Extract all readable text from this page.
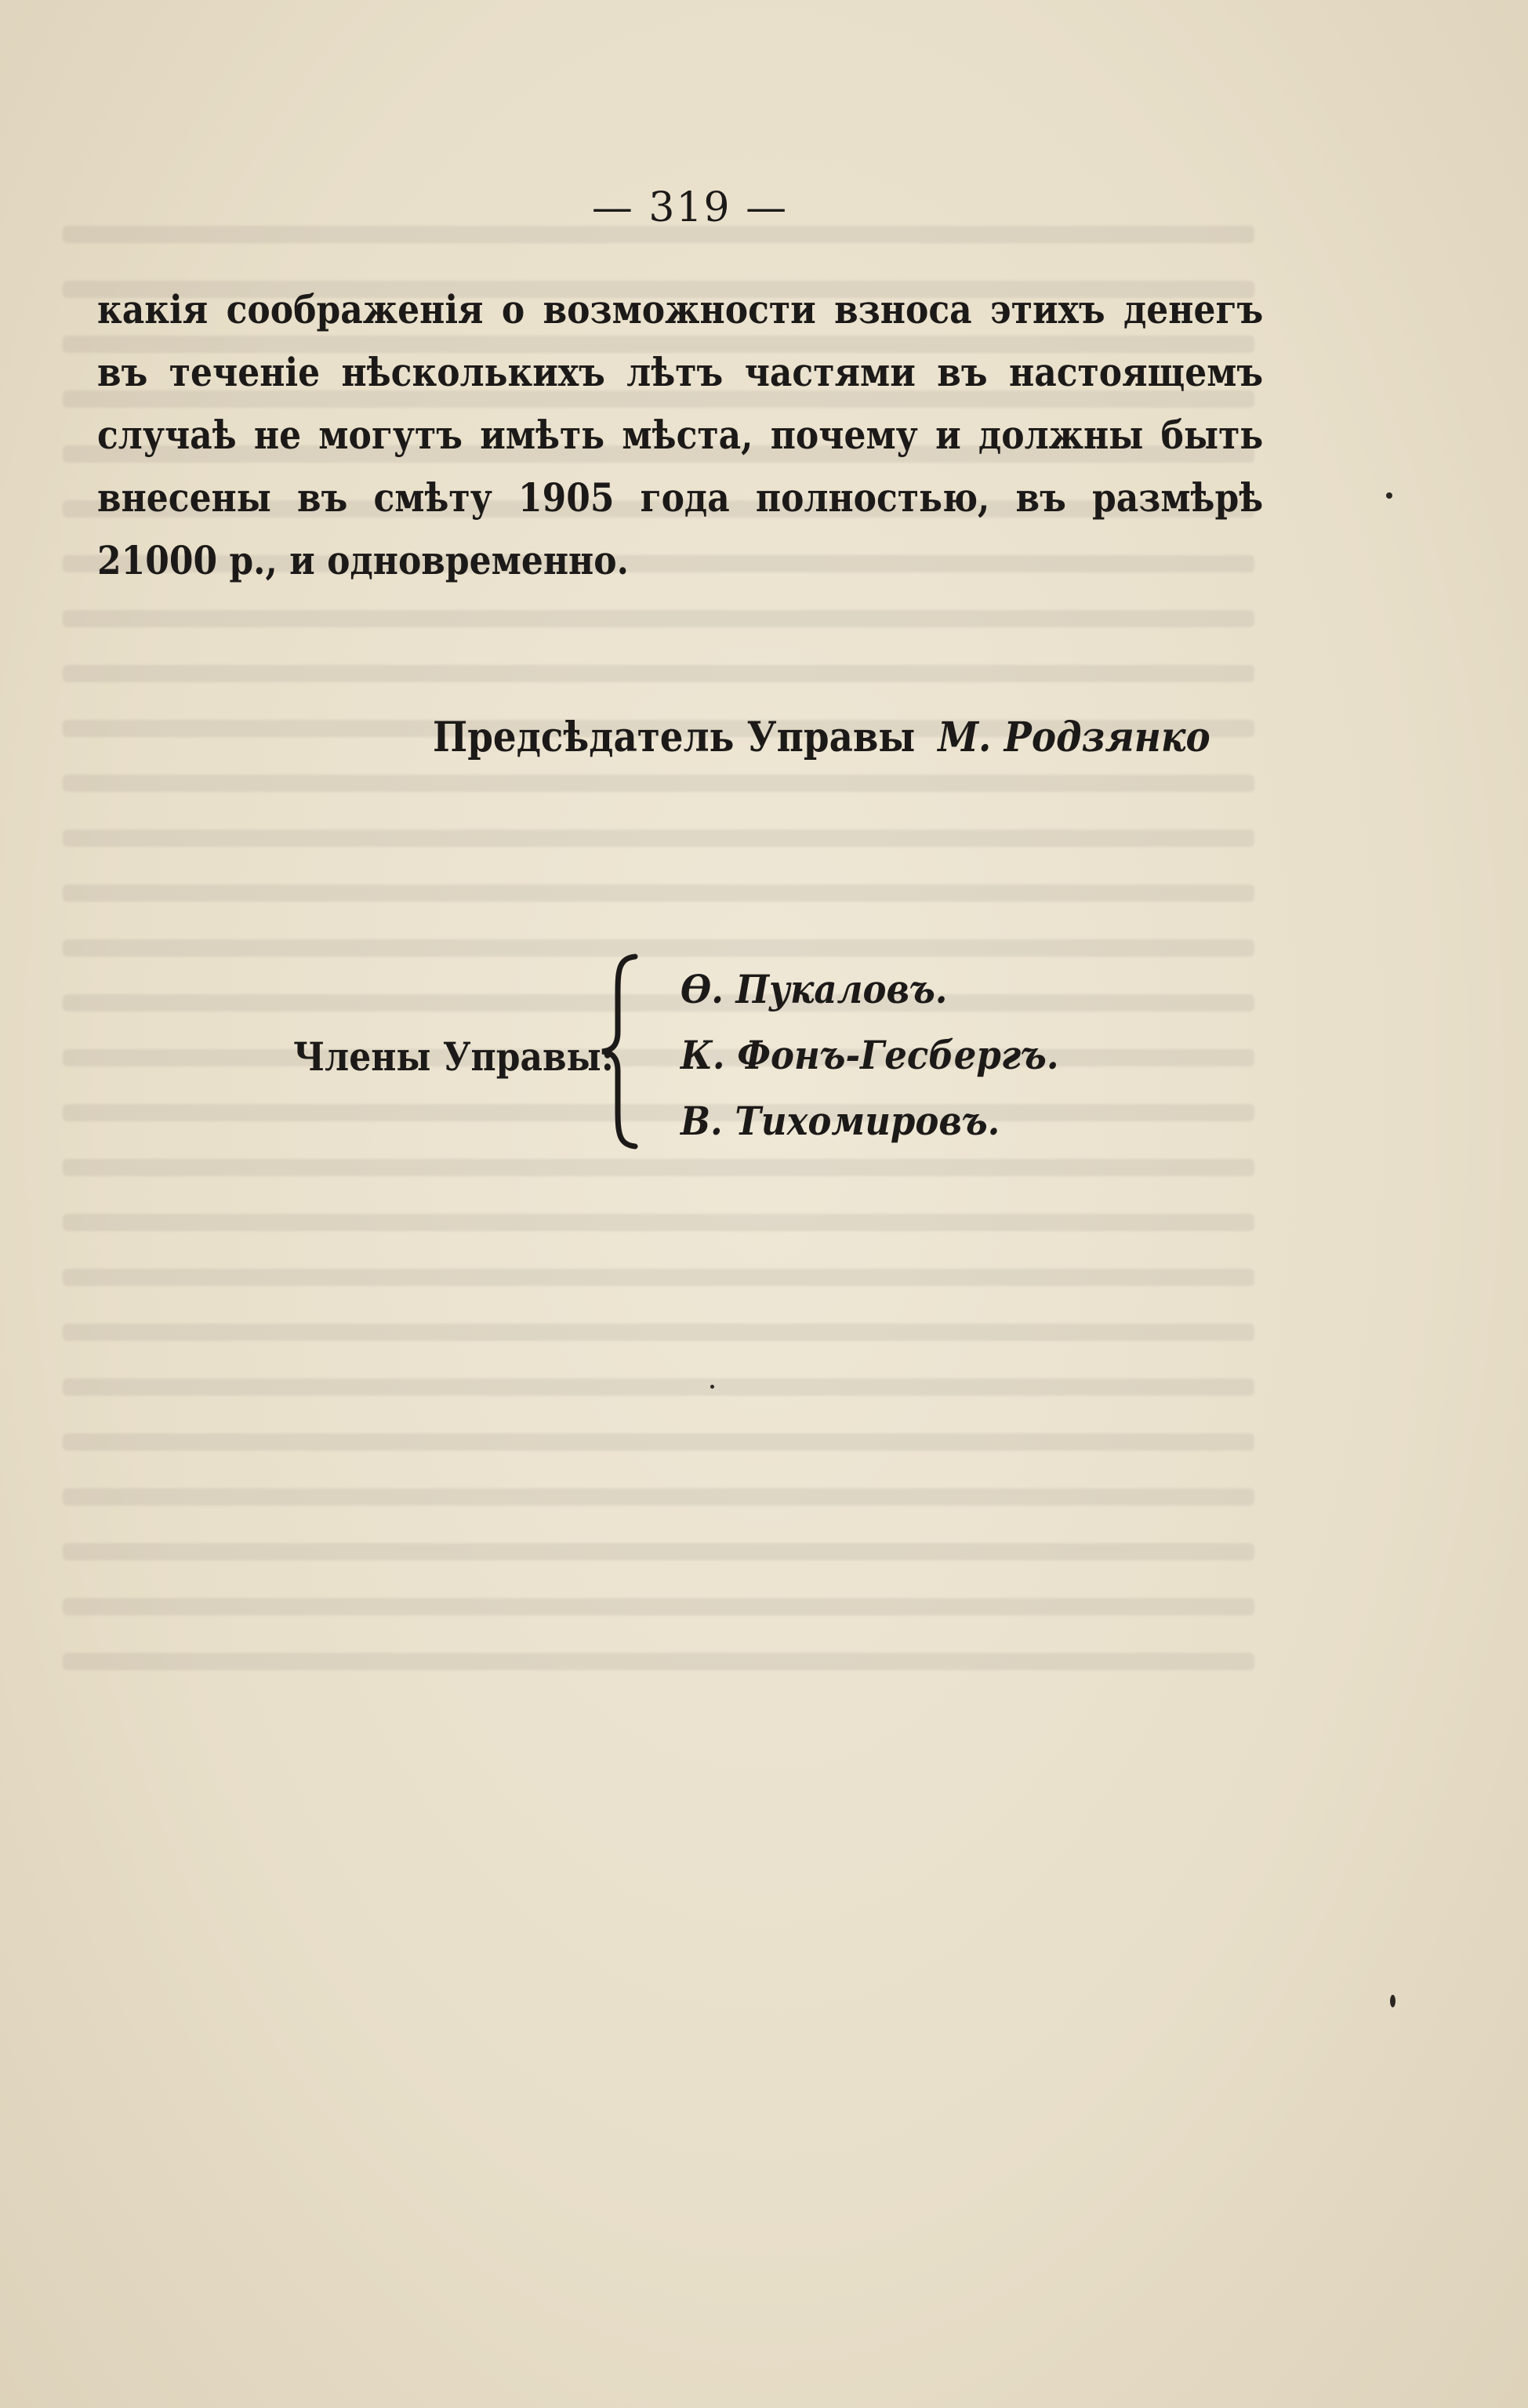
— 319 —
какія соображенія о возможности взноса этихъ денегъ въ теченіе нѣсколькихъ лѣтъ частями въ настоящемъ случаѣ не могутъ имѣть мѣста, почему и должны быть внесены въ смѣту 1905 года полностью, въ размѣрѣ 21000 р., и одновременно.
Предсѣдатель Управы М. Родзянко
Члены Управы:
Ѳ. Пукаловъ.
К. Фонъ-Гесбергъ.
В. Тихомировъ.
